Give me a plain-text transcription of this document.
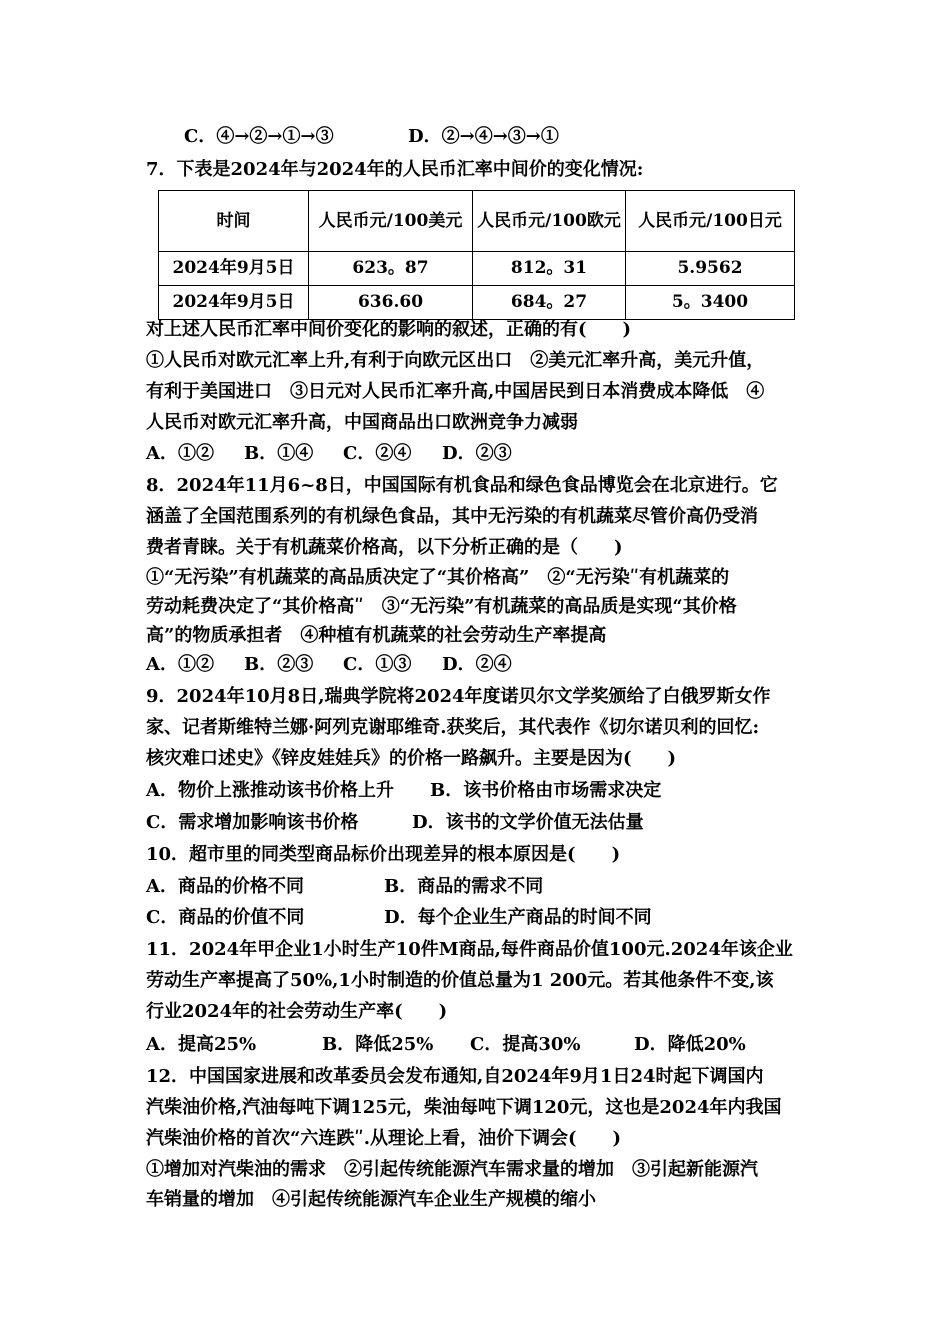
C．④→②→①→③	D．②→④→③→①
7．下表是2024年与2024年的人民币汇率中间价的变化情况:
时间	人民币元/100美元	人民币元/100欧元	人民币元/100日元
2024年9月5日	623。87	812。31	5.9562
2024年9月5日	636.60	684。27	5。3400
对上述人民币汇率中间价变化的影响的叙述，正确的有(　　)
①人民币对欧元汇率上升,有利于向欧元区出口　②美元汇率升高，美元升值，
有利于美国进口　③日元对人民币汇率升高,中国居民到日本消费成本降低　④
人民币对欧元汇率升高，中国商品出口欧洲竞争力减弱
A．①② B．①④ C．②④ D．②③
8．2024年11月6~8日，中国国际有机食品和绿色食品博览会在北京进行。它
涵盖了全国范围系列的有机绿色食品，其中无污染的有机蔬菜尽管价高仍受消
费者青睐。关于有机蔬菜价格高，以下分析正确的是（　　)
①“无污染”有机蔬菜的高品质决定了“其价格高”　②“无污染ʺ有机蔬菜的
劳动耗费决定了“其价格高ʺ　③“无污染”有机蔬菜的高品质是实现“其价格
高”的物质承担者　④种植有机蔬菜的社会劳动生产率提高
A．①② B．②③ C．①③ D．②④
9．2024年10月8日,瑞典学院将2024年度诺贝尔文学奖颁给了白俄罗斯女作
家、记者斯维特兰娜·阿列克谢耶维奇.获奖后，其代表作《切尔诺贝利的回忆:
核灾难口述史》《锌皮娃娃兵》的价格一路飙升。主要是因为(　　)
A．物价上涨推动该书价格上升 B．该书价格由市场需求决定
C．需求增加影响该书价格	D．该书的文学价值无法估量
10．超市里的同类型商品标价出现差异的根本原因是(　　)
A．商品的价格不同	B．商品的需求不同
C．商品的价值不同	D．每个企业生产商品的时间不同
11．2024年甲企业1小时生产10件M商品,每件商品价值100元.2024年该企业
劳动生产率提高了50%,1小时制造的价值总量为1 200元。若其他条件不变,该
行业2024年的社会劳动生产率(　　)
A．提高25%	B．降低25% C．提高30%	D．降低20%
12．中国国家进展和改革委员会发布通知,自2024年9月1日24时起下调国内
汽柴油价格,汽油每吨下调125元，柴油每吨下调120元，这也是2024年内我国
汽柴油价格的首次“六连跌ʺ.从理论上看，油价下调会(　　)
①增加对汽柴油的需求　②引起传统能源汽车需求量的增加　③引起新能源汽
车销量的增加　④引起传统能源汽车企业生产规模的缩小
